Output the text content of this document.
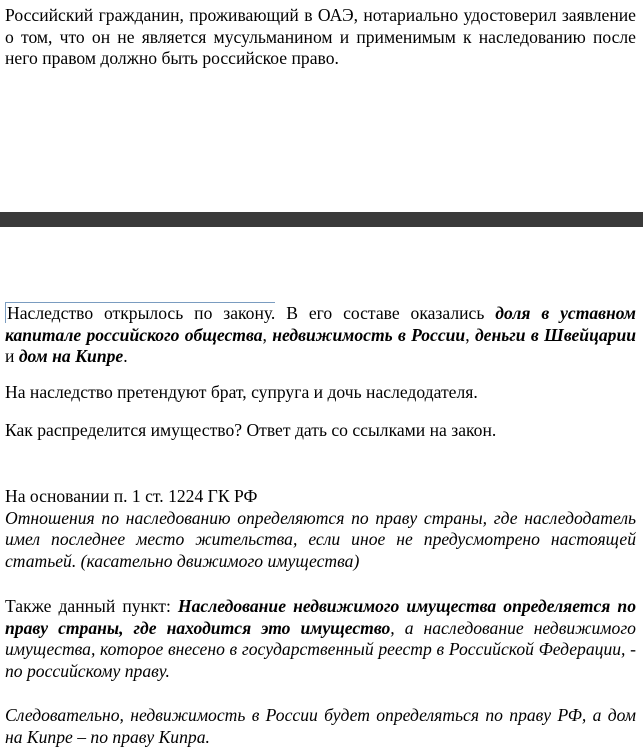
Российский гражданин, проживающий в ОАЭ, нотариально удостоверил заявление о том, что он не является мусульманином и применимым к наследованию после него правом должно быть российское право.

Наследство открылось по закону. В его составе оказались доля в уставном капитале российского общества, недвижимость в России, деньги в Швейцарии и дом на Кипре.

На наследство претендуют брат, супруга и дочь наследодателя.

Как распределится имущество? Ответ дать со ссылками на закон.

На основании п. 1 ст. 1224 ГК РФ
Отношения по наследованию определяются по праву страны, где наследодатель имел последнее место жительства, если иное не предусмотрено настоящей статьей. (касательно движимого имущества)

Также данный пункт: Наследование недвижимого имущества определяется по праву страны, где находится это имущество, а наследование недвижимого имущества, которое внесено в государственный реестр в Российской Федерации, - по российскому праву.

Следовательно, недвижимость в России будет определяться по праву РФ, а дом на Кипре – по праву Кипра.
